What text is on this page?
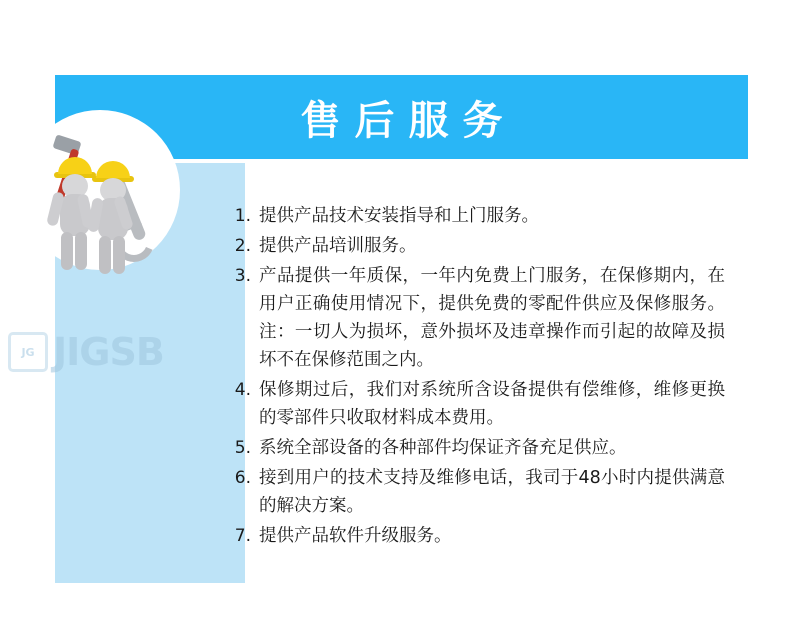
售后服务
JG JIGSB
1. 提供产品技术安装指导和上门服务。
2. 提供产品培训服务。
3. 产品提供一年质保，一年内免费上门服务，在保修期内，在用户正确使用情况下，提供免费的零配件供应及保修服务。注：一切人为损坏，意外损坏及违章操作而引起的故障及损坏不在保修范围之内。
4. 保修期过后，我们对系统所含设备提供有偿维修，维修更换的零部件只收取材料成本费用。
5. 系统全部设备的各种部件均保证齐备充足供应。
6. 接到用户的技术支持及维修电话，我司于48小时内提供满意的解决方案。
7. 提供产品软件升级服务。
